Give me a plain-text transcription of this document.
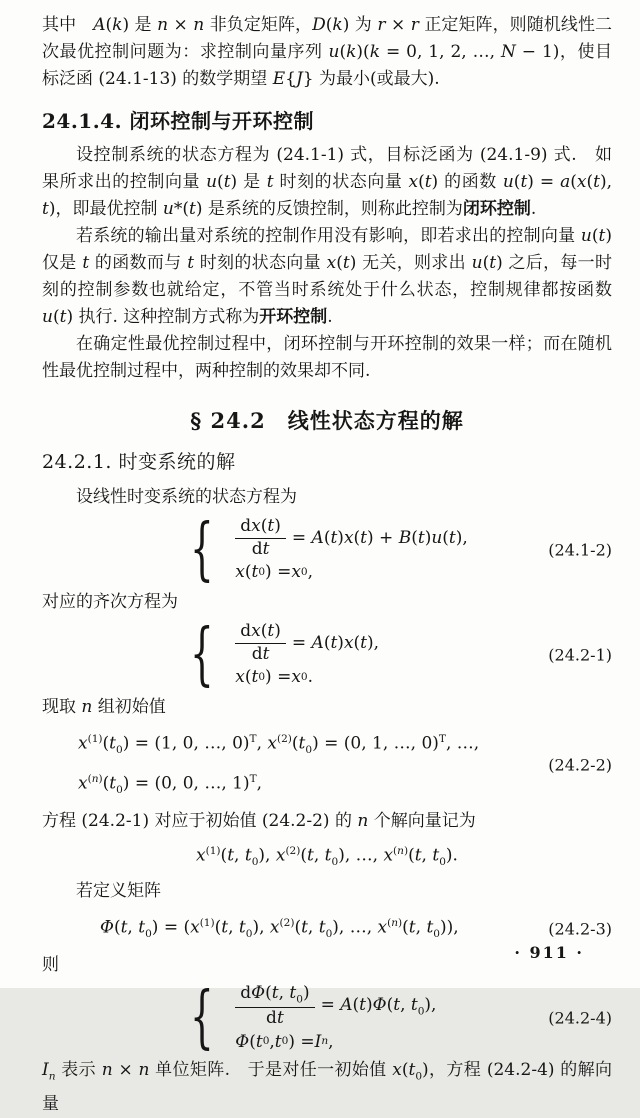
其中　A(k) 是 n × n 非负定矩阵，D(k) 为 r × r 正定矩阵，则随机线性二次最优控制问题为：求控制向量序列 u(k)(k = 0, 1, 2, …, N − 1)，使目标泛函 (24.1-13) 的数学期望 E{J} 为最小(或最大).

24.1.4. 闭环控制与开环控制

设控制系统的状态方程为 (24.1-1) 式，目标泛函为 (24.1-9) 式.　如果所求出的控制向量 u(t) 是 t 时刻的状态向量 x(t) 的函数 u(t) = a(x(t), t)，即最优控制 u*(t) 是系统的反馈控制，则称此控制为闭环控制.

若系统的输出量对系统的控制作用没有影响，即若求出的控制向量 u(t) 仅是 t 的函数而与 t 时刻的状态向量 x(t) 无关，则求出 u(t) 之后，每一时刻的控制参数也就给定，不管当时系统处于什么状态，控制规律都按函数 u(t) 执行. 这种控制方式称为开环控制.

在确定性最优控制过程中，闭环控制与开环控制的效果一样；而在随机性最优控制过程中，两种控制的效果却不同.

§ 24.2　线性状态方程的解
24.2.1. 时变系统的解

设线性时变系统的状态方程为

{ $\frac{dx(t)}{dt} = A(t)x(t) + B(t)u(t)$,
x ( t 0 ) = x 0 ,
(24.1-2)

对应的齐次方程为

{ $\frac{dx(t)}{dt} = A(t)x(t)$,
x ( t 0 ) = x 0 .
(24.2-1)

现取 n 组初始值

$x^{(1)}(t_0) = (1$, 0, …, 0)$^T$, $x^{(2)}(t_0) = (0$, 1, …, 0)$^T$, …,
$x^{(n)}(t_0) = (0$, 0, …, 1)$^T$,
(24.2-2)

方程 (24.2-1) 对应于初始值 (24.2-2) 的 n 个解向量记为

$x^{(1)}(t$, $t_0$), $x^{(2)}(t$, $t_0$), …, $x^{(n)}(t$, $t_0$).

若定义矩阵

Φ(t, $t_0) = (x^{(1)}(t$, $t_0$), $x^{(2)}(t$, $t_0$), …, $x^{(n)}(t$, $t_0$)),	(24.2-3)

则

{ $\frac{d\Phi(t, t_0)}{dt} = A(t)\Phi(t$, $t_0$),
Φ ( t 0 , t 0 ) = I n ,
(24.2-4)

$I_n$ 表示 n × n 单位矩阵.　于是对任一初始值 $x(t_0)$，方程 (24.2-4) 的解向量

· 911 ·
